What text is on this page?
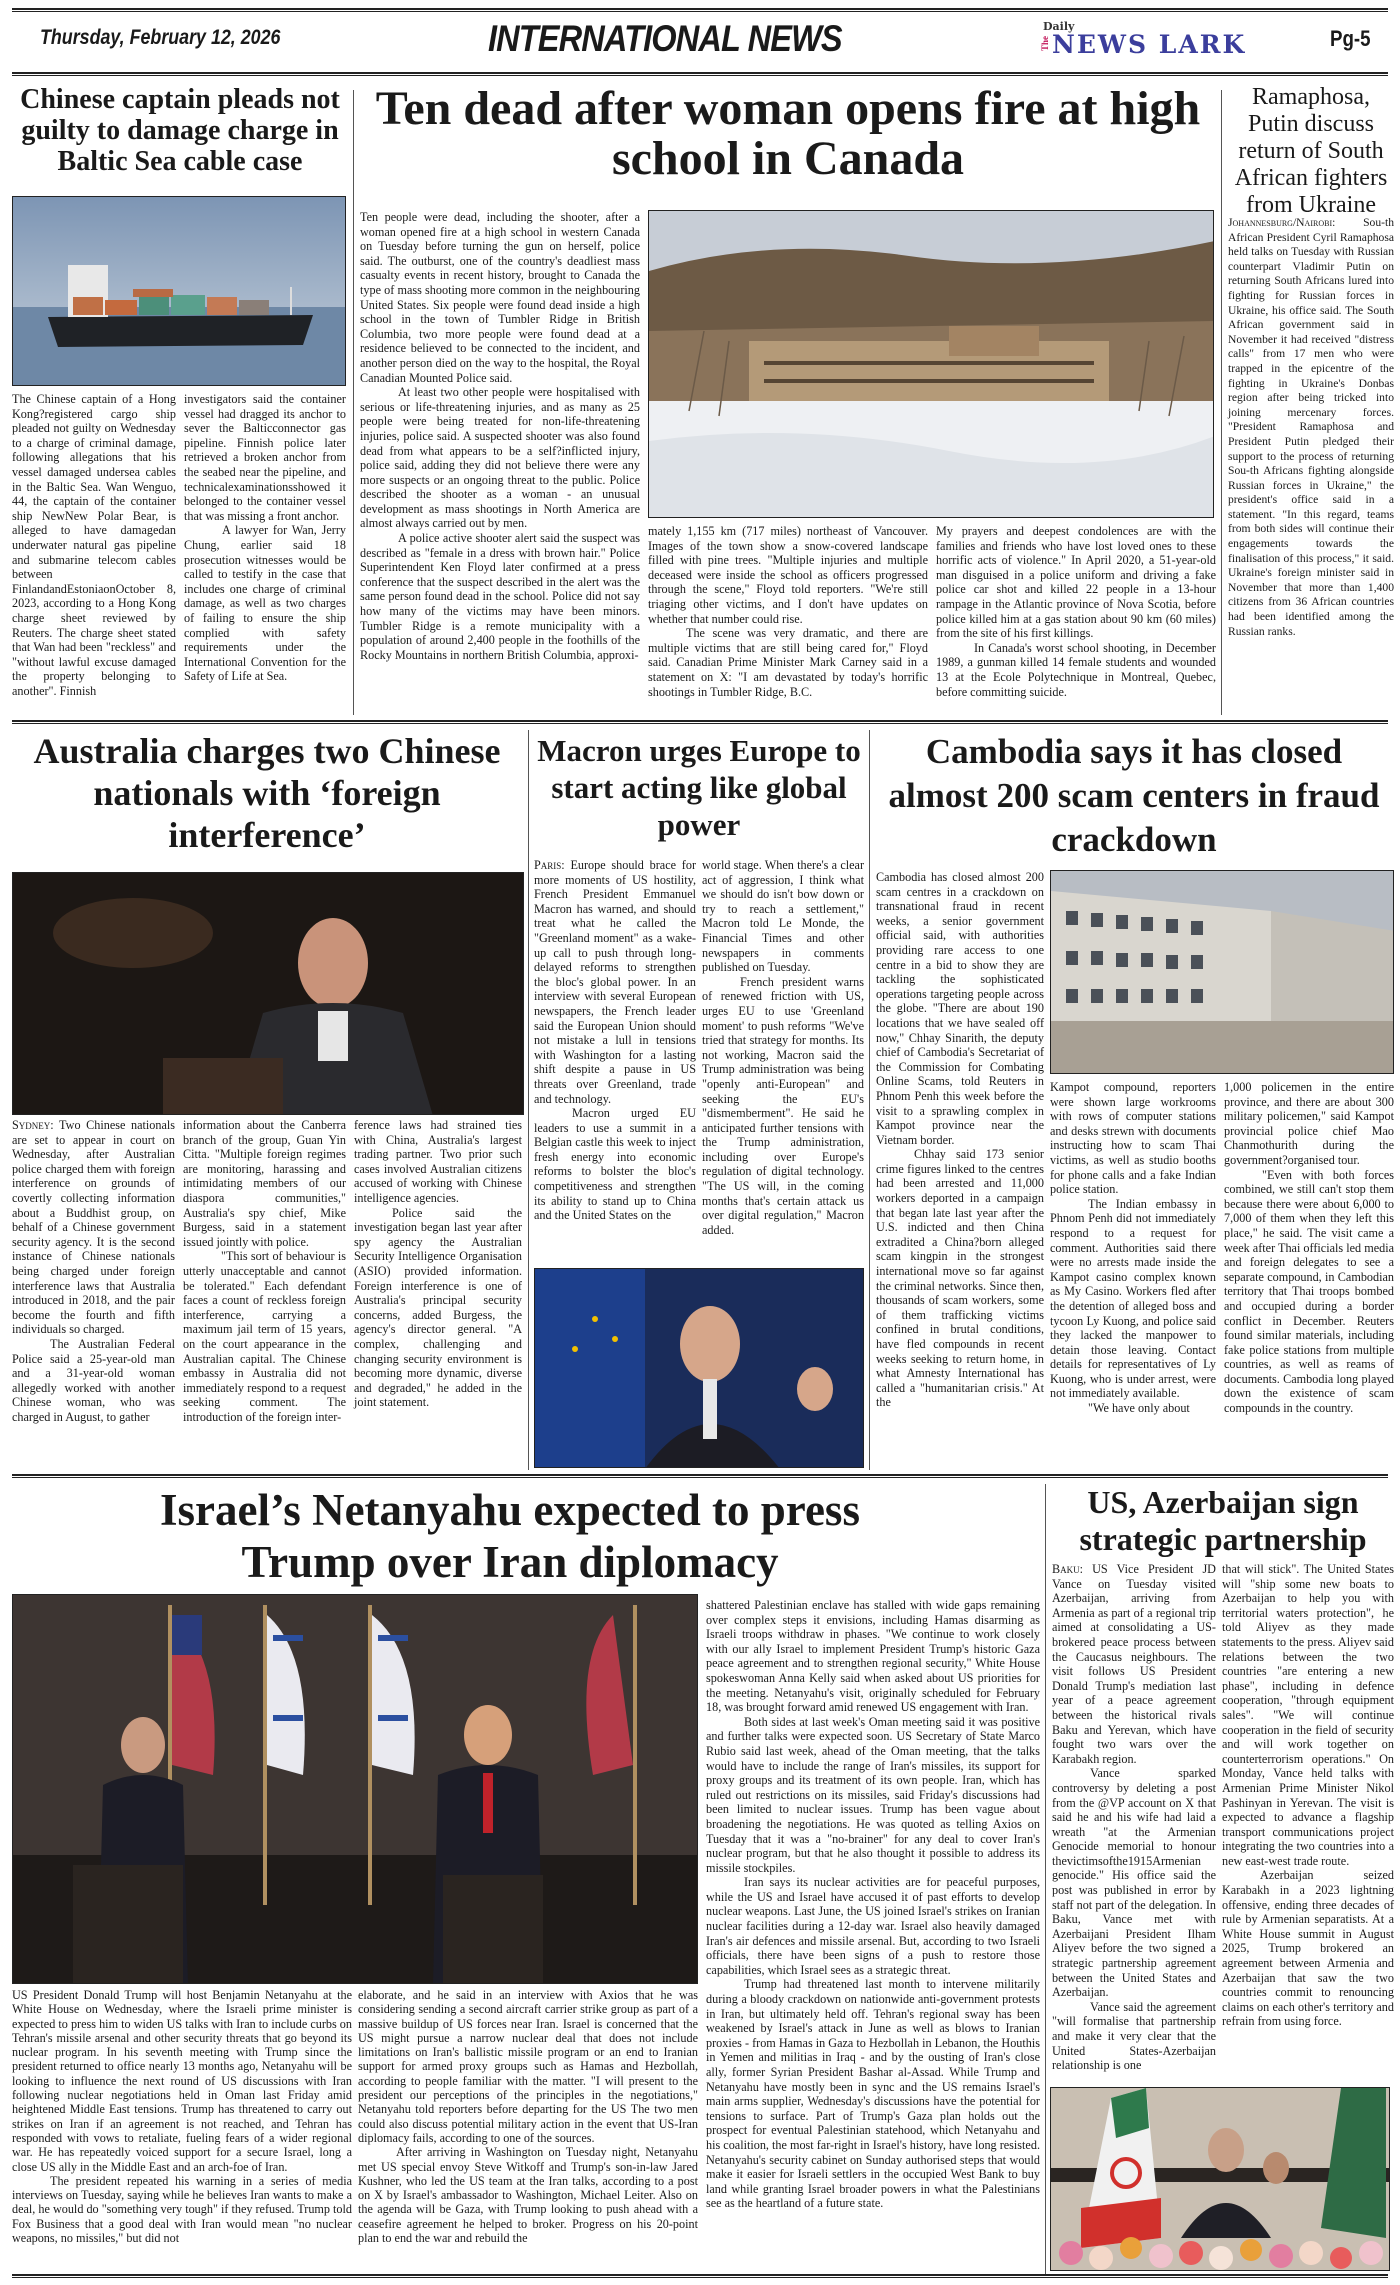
Thursday, February 12, 2026	INTERNATIONAL NEWS	Daily
The NEWS LARK	Pg-5
Chinese captain pleads not guilty to damage charge in Baltic Sea cable case

The Chinese captain of a Hong Kong?registered cargo ship pleaded not guilty on Wednesday to a charge of criminal damage, following allegations that his vessel damaged undersea cables in the Baltic Sea. Wan Wenguo, 44, the captain of the container ship NewNew Polar Bear, is alleged to have damagedan underwater natural gas pipeline and submarine telecom cables between FinlandandEstoniaonOctober 8, 2023, according to a Hong Kong charge sheet reviewed by Reuters. The charge sheet stated that Wan had been "reckless" and "without lawful excuse damaged the property belonging to another". Finnish

investigators said the container vessel had dragged its anchor to sever the Balticconnector gas pipeline. Finnish police later retrieved a broken anchor from the seabed near the pipeline, and technicalexaminationsshowed it belonged to the container vessel that was missing a front anchor.

A lawyer for Wan, Jerry Chung, earlier said 18 prosecution witnesses would be called to testify in the case that includes one charge of criminal damage, as well as two charges of failing to ensure the ship complied with safety requirements under the International Convention for the Safety of Life at Sea.

Ten dead after woman opens fire at high school in Canada

Ten people were dead, including the shooter, after a woman opened fire at a high school in western Canada on Tuesday before turning the gun on herself, police said. The outburst, one of the country's deadliest mass casualty events in recent history, brought to Canada the type of mass shooting more common in the neighbouring United States. Six people were found dead inside a high school in the town of Tumbler Ridge in British Columbia, two more people were found dead at a residence believed to be connected to the incident, and another person died on the way to the hospital, the Royal Canadian Mounted Police said.

At least two other people were hospitalised with serious or life-threatening injuries, and as many as 25 people were being treated for non-life-threatening injuries, police said. A suspected shooter was also found dead from what appears to be a self?inflicted injury, police said, adding they did not believe there were any more suspects or an ongoing threat to the public. Police described the shooter as a woman - an unusual development as mass shootings in North America are almost always carried out by men.

A police active shooter alert said the suspect was described as "female in a dress with brown hair." Police Superintendent Ken Floyd later confirmed at a press conference that the suspect described in the alert was the same person found dead in the school. Police did not say how many of the victims may have been minors. Tumbler Ridge is a remote municipality with a population of around 2,400 people in the foothills of the Rocky Mountains in northern British Columbia, approxi-

mately 1,155 km (717 miles) northeast of Vancouver. Images of the town show a snow-covered landscape filled with pine trees. "Multiple injuries and multiple deceased were inside the school as officers progressed through the scene," Floyd told reporters. "We're still triaging other victims, and I don't have updates on whether that number could rise.

The scene was very dramatic, and there are multiple victims that are still being cared for," Floyd said. Canadian Prime Minister Mark Carney said in a statement on X: "I am devastated by today's horrific shootings in Tumbler Ridge, B.C.

My prayers and deepest condolences are with the families and friends who have lost loved ones to these horrific acts of violence." In April 2020, a 51-year-old man disguised in a police uniform and driving a fake police car shot and killed 22 people in a 13-hour rampage in the Atlantic province of Nova Scotia, before police killed him at a gas station about 90 km (60 miles) from the site of his first killings.

In Canada's worst school shooting, in December 1989, a gunman killed 14 female students and wounded 13 at the Ecole Polytechnique in Montreal, Quebec, before committing suicide.

Ramaphosa, Putin discuss return of South African fighters from Ukraine

Johannesburg/Nairobi: Sou-th African President Cyril Ramaphosa held talks on Tuesday with Russian counterpart Vladimir Putin on returning South Africans lured into fighting for Russian forces in Ukraine, his office said. The South African government said in November it had received "distress calls" from 17 men who were trapped in the epicentre of the fighting in Ukraine's Donbas region after being tricked into joining mercenary forces. "President Ramaphosa and President Putin pledged their support to the process of returning Sou-th Africans fighting alongside Russian forces in Ukraine," the president's office said in a statement. "In this regard, teams from both sides will continue their engagements towards the finalisation of this process," it said. Ukraine's foreign minister said in November that more than 1,400 citizens from 36 African countries had been identified among the Russian ranks.

Australia charges two Chinese nationals with ‘foreign interference’

Sydney: Two Chinese nationals are set to appear in court on Wednesday, after Australian police charged them with foreign interference on grounds of covertly collecting information about a Buddhist group, on behalf of a Chinese government security agency. It is the second instance of Chinese nationals being charged under foreign interference laws that Australia introduced in 2018, and the pair become the fourth and fifth individuals so charged.

The Australian Federal Police said a 25-year-old man and a 31-year-old woman allegedly worked with another Chinese woman, who was charged in August, to gather

information about the Canberra branch of the group, Guan Yin Citta. "Multiple foreign regimes are monitoring, harassing and intimidating members of our diaspora communities," Australia's spy chief, Mike Burgess, said in a statement issued jointly with police.

"This sort of behaviour is utterly unacceptable and cannot be tolerated." Each defendant faces a count of reckless foreign interference, carrying a maximum jail term of 15 years, on the court appearance in the Australian capital. The Chinese embassy in Australia did not immediately respond to a request seeking comment. The introduction of the foreign inter-

ference laws had strained ties with China, Australia's largest trading partner. Two prior such cases involved Australian citizens accused of working with Chinese intelligence agencies.

Police said the investigation began last year after spy agency the Australian Security Intelligence Organisation (ASIO) provided information. Foreign interference is one of Australia's principal security concerns, added Burgess, the agency's director general. "A complex, challenging and changing security environment is becoming more dynamic, diverse and degraded," he added in the joint statement.

Macron urges Europe to start acting like global power

Paris: Europe should brace for more moments of US hostility, French President Emmanuel Macron has warned, and should treat what he called the "Greenland moment" as a wake-up call to push through long-delayed reforms to strengthen the bloc's global power. In an interview with several European newspapers, the French leader said the European Union should not mistake a lull in tensions with Washington for a lasting shift despite a pause in US threats over Greenland, trade and technology.

Macron urged EU leaders to use a summit in a Belgian castle this week to inject fresh energy into economic reforms to bolster the bloc's competitiveness and strengthen its ability to stand up to China and the United States on the

world stage. When there's a clear act of aggression, I think what we should do isn't bow down or try to reach a settlement," Macron told Le Monde, the Financial Times and other newspapers in comments published on Tuesday.

French president warns of renewed friction with US, urges EU to use 'Greenland moment' to push reforms "We've tried that strategy for months. Its not working, Macron said the Trump administration was being "openly anti-European" and seeking the EU's "dismemberment". He said he anticipated further tensions with the Trump administration, including over Europe's regulation of digital technology. "The US will, in the coming months that's certain attack us over digital regulation," Macron added.

Cambodia says it has closed almost 200 scam centers in fraud crackdown

Cambodia has closed almost 200 scam centres in a crackdown on transnational fraud in recent weeks, a senior government official said, with authorities providing rare access to one centre in a bid to show they are tackling the sophisticated operations targeting people across the globe. "There are about 190 locations that we have sealed off now," Chhay Sinarith, the deputy chief of Cambodia's Secretariat of the Commission for Combating Online Scams, told Reuters in Phnom Penh this week before the visit to a sprawling complex in Kampot province near the Vietnam border.

Chhay said 173 senior crime figures linked to the centres had been arrested and 11,000 workers deported in a campaign that began late last year after the U.S. indicted and then China extradited a China?born alleged scam kingpin in the strongest international move so far against the criminal networks. Since then, thousands of scam workers, some of them trafficking victims confined in brutal conditions, have fled compounds in recent weeks seeking to return home, in what Amnesty International has called a "humanitarian crisis." At the

Kampot compound, reporters were shown large workrooms with rows of computer stations and desks strewn with documents instructing how to scam Thai victims, as well as studio booths for phone calls and a fake Indian police station.

The Indian embassy in Phnom Penh did not immediately respond to a request for comment. Authorities said there were no arrests made inside the Kampot casino complex known as My Casino. Workers fled after the detention of alleged boss and tycoon Ly Kuong, and police said they lacked the manpower to detain those leaving. Contact details for representatives of Ly Kuong, who is under arrest, were not immediately available.

"We have only about

1,000 policemen in the entire province, and there are about 300 military policemen," said Kampot provincial police chief Mao Chanmothurith during the government?organised tour.

"Even with both forces combined, we still can't stop them because there were about 6,000 to 7,000 of them when they left this place," he said. The visit came a week after Thai officials led media and foreign delegates to see a separate compound, in Cambodian territory that Thai troops bombed and occupied during a border conflict in December. Reuters found similar materials, including fake police stations from multiple countries, as well as reams of documents. Cambodia long played down the existence of scam compounds in the country.

Israel’s Netanyahu expected to press Trump over Iran diplomacy

US President Donald Trump will host Benjamin Netanyahu at the White House on Wednesday, where the Israeli prime minister is expected to press him to widen US talks with Iran to include curbs on Tehran's missile arsenal and other security threats that go beyond its nuclear program. In his seventh meeting with Trump since the president returned to office nearly 13 months ago, Netanyahu will be looking to influence the next round of US discussions with Iran following nuclear negotiations held in Oman last Friday amid heightened Middle East tensions. Trump has threatened to carry out strikes on Iran if an agreement is not reached, and Tehran has responded with vows to retaliate, fueling fears of a wider regional war. He has repeatedly voiced support for a secure Israel, long a close US ally in the Middle East and an arch-foe of Iran.

The president repeated his warning in a series of media interviews on Tuesday, saying while he believes Iran wants to make a deal, he would do "something very tough" if they refused. Trump told Fox Business that a good deal with Iran would mean "no nuclear weapons, no missiles," but did not

elaborate, and he said in an interview with Axios that he was considering sending a second aircraft carrier strike group as part of a massive buildup of US forces near Iran. Israel is concerned that the US might pursue a narrow nuclear deal that does not include limitations on Iran's ballistic missile program or an end to Iranian support for armed proxy groups such as Hamas and Hezbollah, according to people familiar with the matter. "I will present to the president our perceptions of the principles in the negotiations," Netanyahu told reporters before departing for the US The two men could also discuss potential military action in the event that US-Iran diplomacy fails, according to one of the sources.

After arriving in Washington on Tuesday night, Netanyahu met US special envoy Steve Witkoff and Trump's son-in-law Jared Kushner, who led the US team at the Iran talks, according to a post on X by Israel's ambassador to Washington, Michael Leiter. Also on the agenda will be Gaza, with Trump looking to push ahead with a ceasefire agreement he helped to broker. Progress on his 20-point plan to end the war and rebuild the

shattered Palestinian enclave has stalled with wide gaps remaining over complex steps it envisions, including Hamas disarming as Israeli troops withdraw in phases. "We continue to work closely with our ally Israel to implement President Trump's historic Gaza peace agreement and to strengthen regional security," White House spokeswoman Anna Kelly said when asked about US priorities for the meeting. Netanyahu's visit, originally scheduled for February 18, was brought forward amid renewed US engagement with Iran.

Both sides at last week's Oman meeting said it was positive and further talks were expected soon. US Secretary of State Marco Rubio said last week, ahead of the Oman meeting, that the talks would have to include the range of Iran's missiles, its support for proxy groups and its treatment of its own people. Iran, which has ruled out restrictions on its missiles, said Friday's discussions had been limited to nuclear issues. Trump has been vague about broadening the negotiations. He was quoted as telling Axios on Tuesday that it was a "no-brainer" for any deal to cover Iran's nuclear program, but that he also thought it possible to address its missile stockpiles.

Iran says its nuclear activities are for peaceful purposes, while the US and Israel have accused it of past efforts to develop nuclear weapons. Last June, the US joined Israel's strikes on Iranian nuclear facilities during a 12-day war. Israel also heavily damaged Iran's air defences and missile arsenal. But, according to two Israeli officials, there have been signs of a push to restore those capabilities, which Israel sees as a strategic threat.

Trump had threatened last month to intervene militarily during a bloody crackdown on nationwide anti-government protests in Iran, but ultimately held off. Tehran's regional sway has been weakened by Israel's attack in June as well as blows to Iranian proxies - from Hamas in Gaza to Hezbollah in Lebanon, the Houthis in Yemen and militias in Iraq - and by the ousting of Iran's close ally, former Syrian President Bashar al-Assad. While Trump and Netanyahu have mostly been in sync and the US remains Israel's main arms supplier, Wednesday's discussions have the potential for tensions to surface. Part of Trump's Gaza plan holds out the prospect for eventual Palestinian statehood, which Netanyahu and his coalition, the most far-right in Israel's history, have long resisted. Netanyahu's security cabinet on Sunday authorised steps that would make it easier for Israeli settlers in the occupied West Bank to buy land while granting Israel broader powers in what the Palestinians see as the heartland of a future state.

US, Azerbaijan sign strategic partnership

Baku: US Vice President JD Vance on Tuesday visited Azerbaijan, arriving from Armenia as part of a regional trip aimed at consolidating a US-brokered peace process between the Caucasus neighbours. The visit follows US President Donald Trump's mediation last year of a peace agreement between the historical rivals Baku and Yerevan, which have fought two wars over the Karabakh region.

Vance sparked controversy by deleting a post from the @VP account on X that said he and his wife had laid a wreath "at the Armenian Genocide memorial to honour thevictimsofthe1915Armenian genocide." His office said the post was published in error by staff not part of the delegation. In Baku, Vance met with Azerbaijani President Ilham Aliyev before the two signed a strategic partnership agreement between the United States and Azerbaijan.

Vance said the agreement "will formalise that partnership and make it very clear that the United States-Azerbaijan relationship is one

that will stick". The United States will "ship some new boats to Azerbaijan to help you with territorial waters protection", he told Aliyev as they made statements to the press. Aliyev said relations between the two countries "are entering a new phase", including in defence cooperation, "through equipment sales". "We will continue cooperation in the field of security and will work together on counterterrorism operations." On Monday, Vance held talks with Armenian Prime Minister Nikol Pashinyan in Yerevan. The visit is expected to advance a flagship transport communications project integrating the two countries into a new east-west trade route.

Azerbaijan seized Karabakh in a 2023 lightning offensive, ending three decades of rule by Armenian separatists. At a White House summit in August 2025, Trump brokered an agreement between Armenia and Azerbaijan that saw the two countries commit to renouncing claims on each other's territory and refrain from using force.
